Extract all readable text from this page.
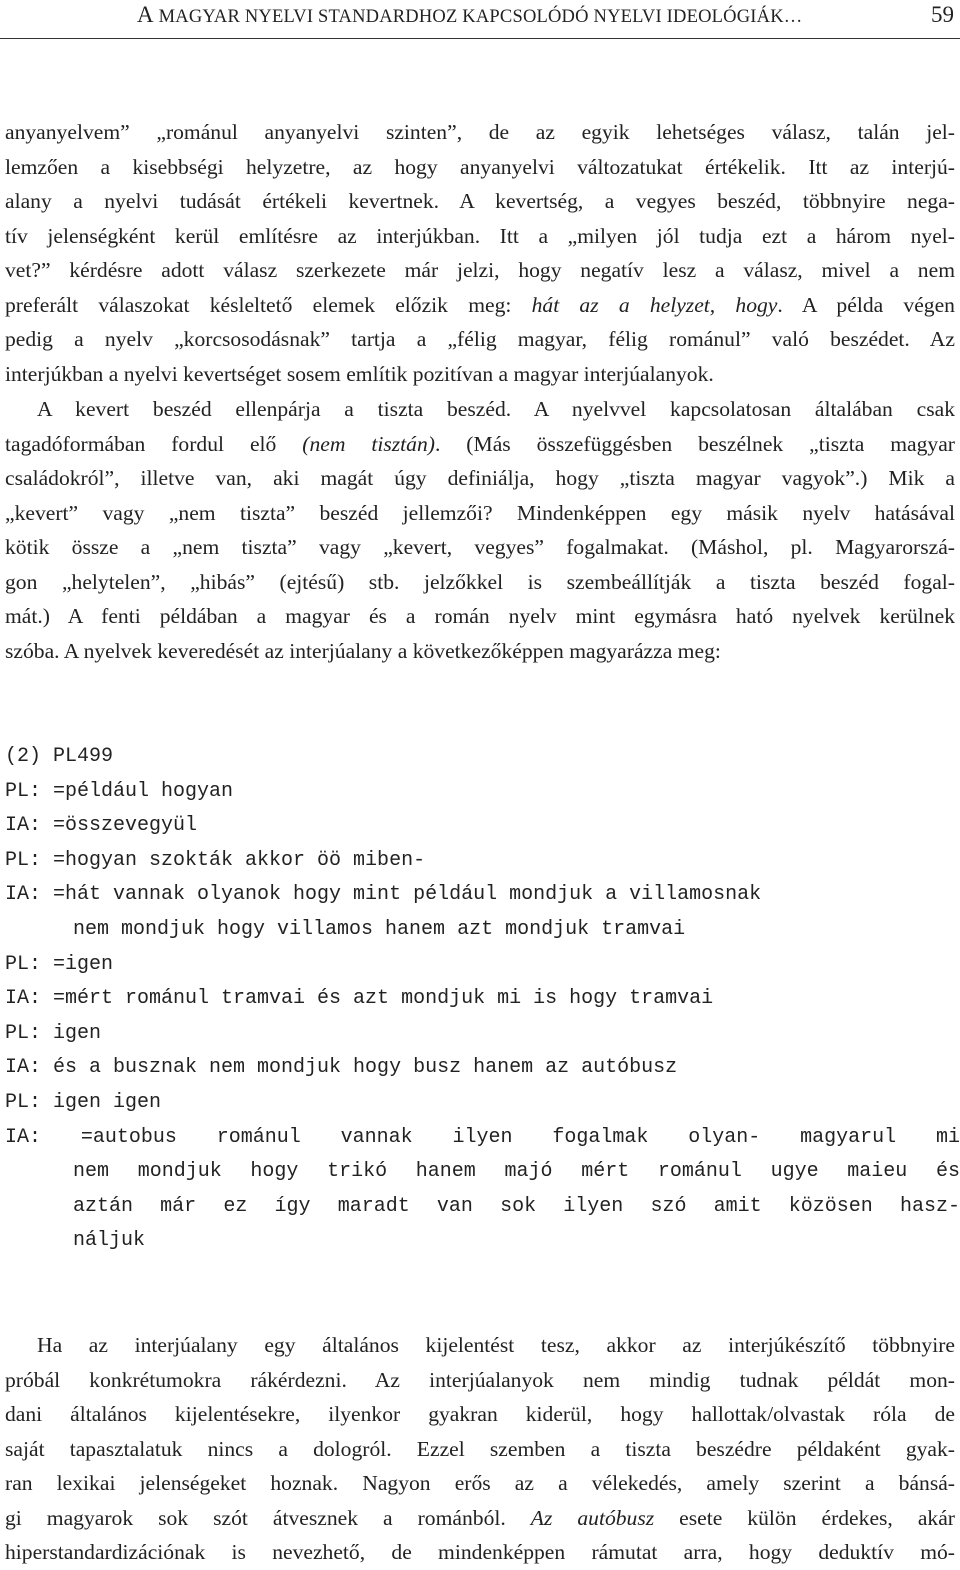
A MAGYAR NYELVI STANDARDHOZ KAPCSOLÓDÓ NYELVI IDEOLÓGIÁK…	59
anyanyelvem” „románul anyanyelvi szinten”, de az egyik lehetséges válasz, talán jel-
lemzően a kisebbségi helyzetre, az hogy anyanyelvi változatukat értékelik. Itt az interjú-
alany a nyelvi tudását értékeli kevertnek. A kevertség, a vegyes beszéd, többnyire nega-
tív jelenségként kerül említésre az interjúkban. Itt a „milyen jól tudja ezt a három nyel-
vet?” kérdésre adott válasz szerkezete már jelzi, hogy negatív lesz a válasz, mivel a nem
preferált válaszokat késleltető elemek előzik meg: hát az a helyzet, hogy. A példa végen
pedig a nyelv „korcsosodásnak” tartja a „félig magyar, félig románul” való beszédet. Az
interjúkban a nyelvi kevertséget sosem említik pozitívan a magyar interjúalanyok.
A kevert beszéd ellenpárja a tiszta beszéd. A nyelvvel kapcsolatosan általában csak
tagadóformában fordul elő (nem tisztán). (Más összefüggésben beszélnek „tiszta magyar
családokról”, illetve van, aki magát úgy definiálja, hogy „tiszta magyar vagyok”.) Mik a
„kevert” vagy „nem tiszta” beszéd jellemzői? Mindenképpen egy másik nyelv hatásával
kötik össze a „nem tiszta” vagy „kevert, vegyes” fogalmakat. (Máshol, pl. Magyarorszá-
gon „helytelen”, „hibás” (ejtésű) stb. jelzőkkel is szembeállítják a tiszta beszéd fogal-
mát.) A fenti példában a magyar és a román nyelv mint egymásra ható nyelvek kerülnek
szóba. A nyelvek keveredését az interjúalany a következőképpen magyarázza meg:
(2) PL499
PL: =például hogyan
IA: =összevegyül
PL: =hogyan szokták akkor öö miben-
IA: =hát vannak olyanok hogy mint például mondjuk a villamosnak
nem mondjuk hogy villamos hanem azt mondjuk tramvai
PL: =igen
IA: =mért románul tramvai és azt mondjuk mi is hogy tramvai
PL: igen
IA: és a busznak nem mondjuk hogy busz hanem az autóbusz
PL: igen igen
IA: =autobus románul vannak ilyen fogalmak olyan- magyarul mi
nem mondjuk hogy trikó hanem majó mért románul ugye maieu és
aztán már ez így maradt van sok ilyen szó amit közösen hasz-
náljuk
Ha az interjúalany egy általános kijelentést tesz, akkor az interjúkészítő többnyire
próbál konkrétumokra rákérdezni. Az interjúalanyok nem mindig tudnak példát mon-
dani általános kijelentésekre, ilyenkor gyakran kiderül, hogy hallottak/olvastak róla de
saját tapasztalatuk nincs a dologról. Ezzel szemben a tiszta beszédre példaként gyak-
ran lexikai jelenségeket hoznak. Nagyon erős az a vélekedés, amely szerint a bánsá-
gi magyarok sok szót átvesznek a románból. Az autóbusz esete külön érdekes, akár
hiperstandardizációnak is nevezhető, de mindenképpen rámutat arra, hogy deduktív mó-
